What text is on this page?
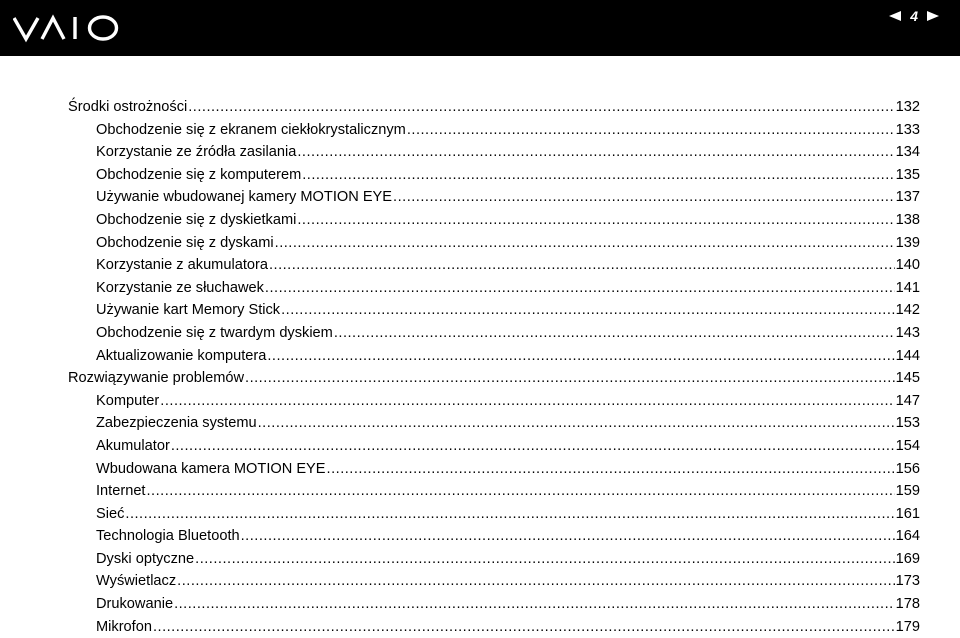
4
Środki ostrożności .....	132
Obchodzenie się z ekranem ciekłokrystalicznym .....	133
Korzystanie ze źródła zasilania .....	134
Obchodzenie się z komputerem .....	135
Używanie wbudowanej kamery MOTION EYE .....	137
Obchodzenie się z dyskietkami .....	138
Obchodzenie się z dyskami .....	139
Korzystanie z akumulatora .....	140
Korzystanie ze słuchawek .....	141
Używanie kart Memory Stick .....	142
Obchodzenie się z twardym dyskiem .....	143
Aktualizowanie komputera .....	144
Rozwiązywanie problemów .....	145
Komputer .....	147
Zabezpieczenia systemu .....	153
Akumulator .....	154
Wbudowana kamera MOTION EYE .....	156
Internet .....	159
Sieć .....	161
Technologia Bluetooth .....	164
Dyski optyczne .....	169
Wyświetlacz .....	173
Drukowanie .....	178
Mikrofon .....	179
